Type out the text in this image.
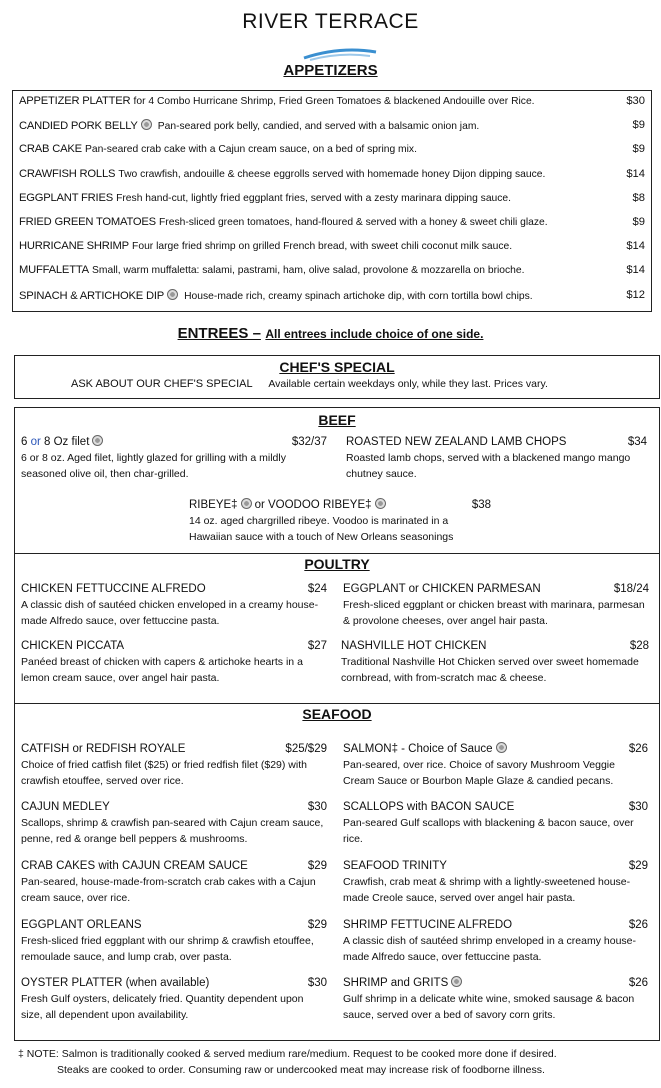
RIVER TERRACE
APPETIZERS
APPETIZER PLATTER for 4 Combo Hurricane Shrimp, Fried Green Tomatoes & blackened Andouille over Rice.	$30
CANDIED PORK BELLY Pan-seared pork belly, candied, and served with a balsamic onion jam.	$9
CRAB CAKE Pan-seared crab cake with a Cajun cream sauce, on a bed of spring mix.	$9
CRAWFISH ROLLS Two crawfish, andouille & cheese eggrolls served with homemade honey Dijon dipping sauce.	$14
EGGPLANT FRIES Fresh hand-cut, lightly fried eggplant fries, served with a zesty marinara dipping sauce.	$8
FRIED GREEN TOMATOES Fresh-sliced green tomatoes, hand-floured & served with a honey & sweet chili glaze.	$9
HURRICANE SHRIMP Four large fried shrimp on grilled French bread, with sweet chili coconut milk sauce.	$14
MUFFALETTA Small, warm muffaletta: salami, pastrami, ham, olive salad, provolone & mozzarella on brioche.	$14
SPINACH & ARTICHOKE DIP House-made rich, creamy spinach artichoke dip, with corn tortilla bowl chips.	$12
ENTREES – All entrees include choice of one side.
CHEF'S SPECIAL
ASK ABOUT OUR CHEF'S SPECIAL Available certain weekdays only, while they last. Prices vary.
BEEF
6 or 8 Oz filet	$32/37
6 or 8 oz. Aged filet, lightly glazed for grilling with a mildly seasoned olive oil, then char-grilled.
ROASTED NEW ZEALAND LAMB CHOPS	$34
Roasted lamb chops, served with a blackened mango mango chutney sauce.
RIBEYE‡ or VOODOO RIBEYE‡	$38
14 oz. aged chargrilled ribeye. Voodoo is marinated in a Hawaiian sauce with a touch of New Orleans seasonings
POULTRY
CHICKEN FETTUCCINE ALFREDO	$24
A classic dish of sautéed chicken enveloped in a creamy house-made Alfredo sauce, over fettuccine pasta.
EGGPLANT or CHICKEN PARMESAN	$18/24
Fresh-sliced eggplant or chicken breast with marinara, parmesan & provolone cheeses, over angel hair pasta.
CHICKEN PICCATA	$27
Panéed breast of chicken with capers & artichoke hearts in a lemon cream sauce, over angel hair pasta.
NASHVILLE HOT CHICKEN	$28
Traditional Nashville Hot Chicken served over sweet homemade cornbread, with from-scratch mac & cheese.
SEAFOOD
CATFISH or REDFISH ROYALE	$25/$29
Choice of fried catfish filet ($25) or fried redfish filet ($29) with crawfish etouffee, served over rice.
SALMON‡ - Choice of Sauce	$26
Pan-seared, over rice. Choice of savory Mushroom Veggie Cream Sauce or Bourbon Maple Glaze & candied pecans.
CAJUN MEDLEY	$30
Scallops, shrimp & crawfish pan-seared with Cajun cream sauce, penne, red & orange bell peppers & mushrooms.
SCALLOPS with BACON SAUCE	$30
Pan-seared Gulf scallops with blackening & bacon sauce, over rice.
CRAB CAKES with CAJUN CREAM SAUCE	$29
Pan-seared, house-made-from-scratch crab cakes with a Cajun cream sauce, over rice.
SEAFOOD TRINITY	$29
Crawfish, crab meat & shrimp with a lightly-sweetened house-made Creole sauce, served over angel hair pasta.
EGGPLANT ORLEANS	$29
Fresh-sliced fried eggplant with our shrimp & crawfish etouffee, remoulade sauce, and lump crab, over pasta.
SHRIMP FETTUCINE ALFREDO	$26
A classic dish of sautéed shrimp enveloped in a creamy house-made Alfredo sauce, over fettuccine pasta.
OYSTER PLATTER (when available)	$30
Fresh Gulf oysters, delicately fried. Quantity dependent upon size, all dependent upon availability.
SHRIMP and GRITS	$26
Gulf shrimp in a delicate white wine, smoked sausage & bacon sauce, served over a bed of savory corn grits.
‡ NOTE: Salmon is traditionally cooked & served medium rare/medium. Request to be cooked more done if desired.
Steaks are cooked to order. Consuming raw or undercooked meat may increase risk of foodborne illness.
